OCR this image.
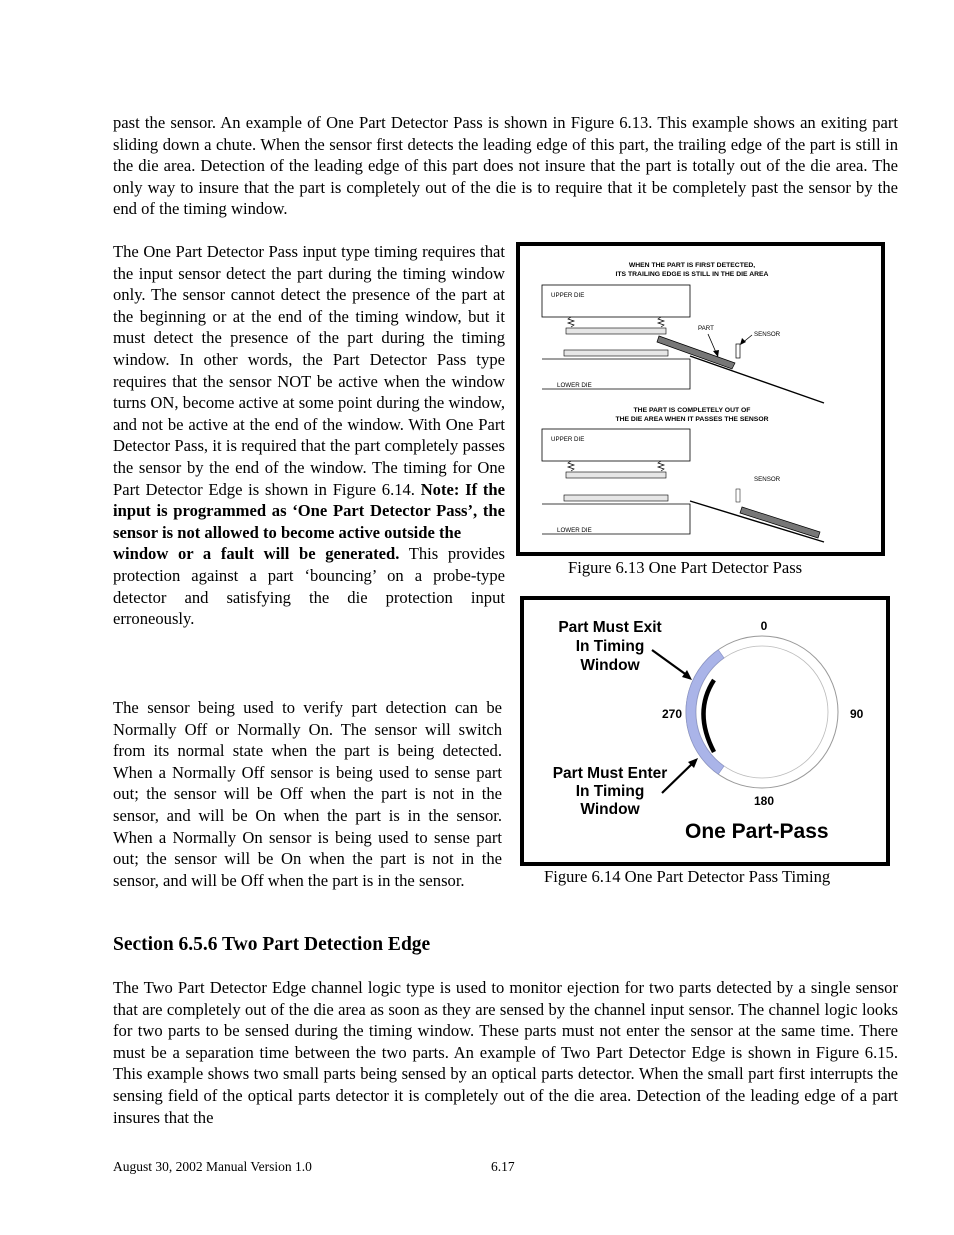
past the sensor. An example of One Part Detector Pass is shown in Figure 6.13. This example shows an exiting part sliding down a chute. When the sensor first detects the leading edge of this part, the trailing edge of the part is still in the die area. Detection of the leading edge of this part does not insure that the part is totally out of the die area. The only way to insure that the part is completely out of the die is to require that it be completely past the sensor by the end of the timing window.

The One Part Detector Pass input type timing requires that the input sensor detect the part during the timing window only. The sensor cannot detect the presence of the part at the beginning or at the end of the timing window, but it must detect the presence of the part during the timing window. In other words, the Part Detector Pass type requires that the sensor NOT be active when the window turns ON, become active at some point during the window, and not be active at the end of the window. With One Part Detector Pass, it is required that the part completely passes the sensor by the end of the window. The timing for One Part Detector Edge is shown in Figure 6.14. Note: If the input is programmed as ‘One Part Detector Pass’, the sensor is not allowed to become active outside the
window or a fault will be generated. This provides protection against a part ‘bouncing’ on a probe-type detector and satisfying the die protection input erroneously.

The sensor being used to verify part detection can be Normally Off or Normally On. The sensor will switch from its normal state when the part is being detected. When a Normally Off sensor is being used to sense part out; the sensor will be Off when the part is not in the sensor, and will be On when the part is in the sensor. When a Normally On sensor is being used to sense part out; the sensor will be On when the part is not in the sensor, and will be Off when the part is in the sensor.

WHEN THE PART IS FIRST DETECTED,
ITS TRAILING EDGE IS STILL IN THE DIE AREA
UPPER DIE
LOWER DIE
PART
SENSOR
THE PART IS COMPLETELY OUT OF
THE DIE AREA WHEN IT PASSES THE SENSOR
UPPER DIE
LOWER DIE
SENSOR

Figure 6.13 One Part Detector Pass

0
90
180
270
Part Must Exit
In Timing
Window
Part Must Enter
In Timing
Window
One Part-Pass

Figure 6.14 One Part Detector Pass Timing

Section 6.5.6 Two Part Detection Edge

The Two Part Detector Edge channel logic type is used to monitor ejection for two parts detected by a single sensor that are completely out of the die area as soon as they are sensed by the channel input sensor. The channel logic looks for two parts to be sensed during the timing window. These parts must not enter the sensor at the same time. There must be a separation time between the two parts. An example of Two Part Detector Edge is shown in Figure 6.15. This example shows two small parts being sensed by an optical parts detector. When the small part first interrupts the sensing field of the optical parts detector it is completely out of the die area. Detection of the leading edge of a part insures that the

August 30, 2002 Manual Version 1.0	6.17
